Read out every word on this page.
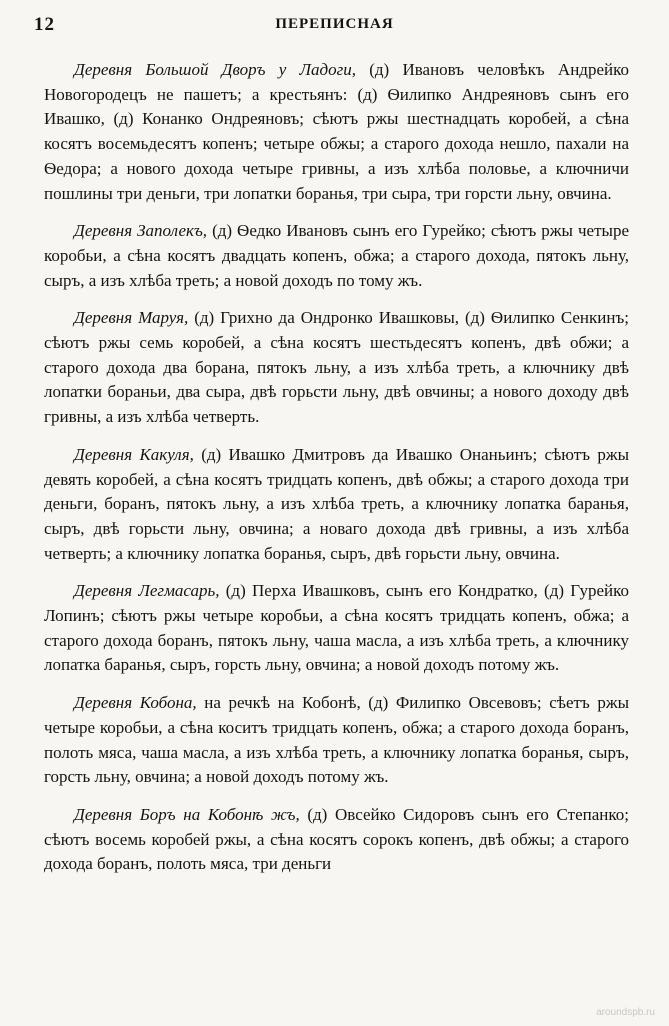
12	ПЕРЕПИСНАЯ

Деревня Большой Дворъ у Ладоги, (д) Ивановъ человѣкъ Андрейко Новогородецъ не пашетъ; а крестьянъ: (д) Ѳилипко Андреяновъ сынъ его Ивашко, (д) Конанко Ондреяновъ; сѣютъ ржы шестнадцать коробей, а сѣна косятъ восемьдесятъ копенъ; четыре обжы; а старого дохода нешло, пахали на Ѳедора; а нового дохода четыре гривны, а изъ хлѣба половье, а ключничи пошлины три деньги, три лопатки боранья, три сыра, три горсти льну, овчина.

Деревня Заполекъ, (д) Ѳедко Ивановъ сынъ его Гурейко; сѣютъ ржы четыре коробьи, а сѣна косятъ двадцать копенъ, обжа; а старого дохода, пятокъ льну, сыръ, а изъ хлѣба треть; а новой доходъ по тому жъ.

Деревня Маруя, (д) Грихно да Ондронко Ивашковы, (д) Ѳилипко Сенкинъ; сѣютъ ржы семь коробей, а сѣна косятъ шестьдесятъ копенъ, двѣ обжи; а старого дохода два борана, пятокъ льну, а изъ хлѣба треть, а ключнику двѣ лопатки бораньи, два сыра, двѣ горьсти льну, двѣ овчины; а нового доходу двѣ гривны, а изъ хлѣба четверть.

Деревня Какуля, (д) Ивашко Дмитровъ да Ивашко Онаньинъ; сѣютъ ржы девять коробей, а сѣна косятъ тридцать копенъ, двѣ обжы; а старого дохода три деньги, боранъ, пятокъ льну, а изъ хлѣба треть, а ключнику лопатка баранья, сыръ, двѣ горьсти льну, овчина; а новаго дохода двѣ гривны, а изъ хлѣба четверть; а ключнику лопатка боранья, сыръ, двѣ горьсти льну, овчина.

Деревня Легмасарь, (д) Перха Ивашковъ, сынъ его Кондратко, (д) Гурейко Лопинъ; сѣютъ ржы четыре коробьи, а сѣна косятъ тридцать копенъ, обжа; а старого дохода боранъ, пятокъ льну, чаша масла, а изъ хлѣба треть, а ключнику лопатка баранья, сыръ, горсть льну, овчина; а новой доходъ потому жъ.

Деревня Кобона, на речкѣ на Кобонѣ, (д) Филипко Овсевовъ; сѣетъ ржы четыре коробьи, а сѣна коситъ тридцать копенъ, обжа; а старого дохода боранъ, полоть мяса, чаша масла, а изъ хлѣба треть, а ключнику лопатка боранья, сыръ, горсть льну, овчина; а новой доходъ потому жъ.

Деревня Боръ на Кобонѣ жъ, (д) Овсейко Сидоровъ сынъ его Степанко; сѣютъ восемь коробей ржы, а сѣна косятъ сорокъ копенъ, двѣ обжы; а старого дохода боранъ, полоть мяса, три деньги

aroundspb.ru
